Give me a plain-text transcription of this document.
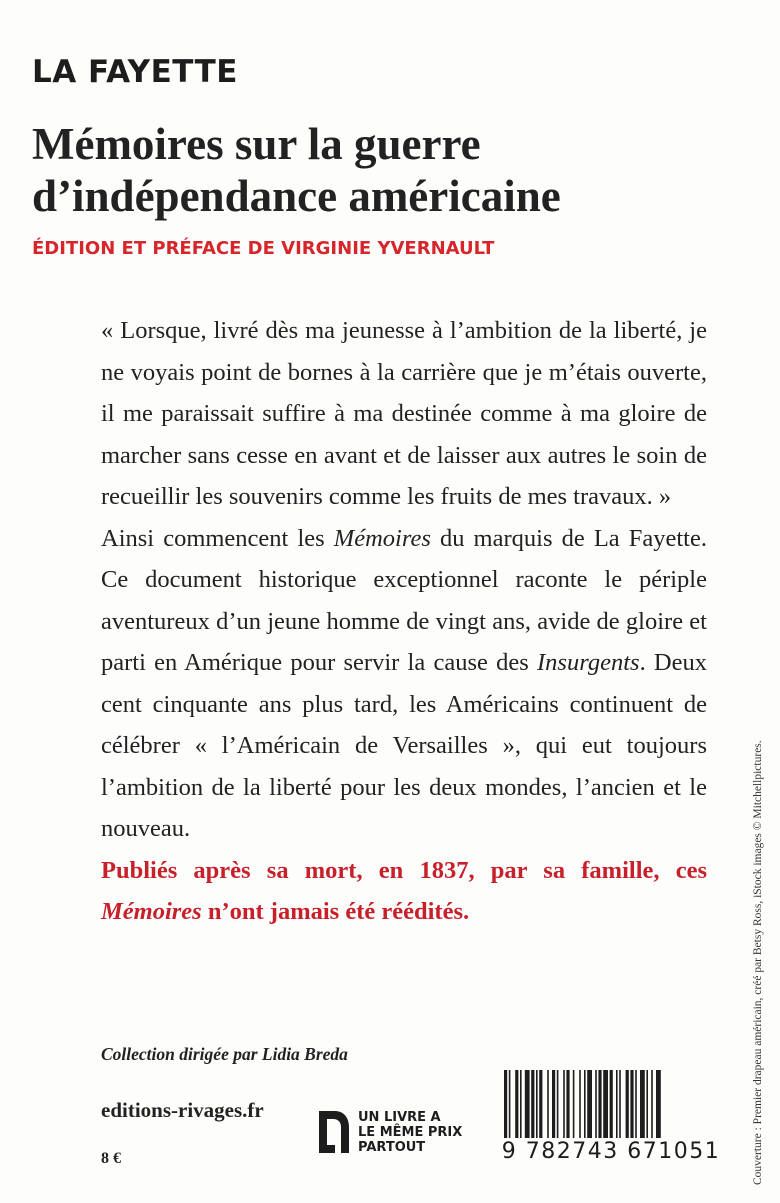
LA FAYETTE
Mémoires sur la guerre d’indépendance américaine
ÉDITION ET PRÉFACE DE VIRGINIE YVERNAULT

« Lorsque, livré dès ma jeunesse à l’ambition de la liberté, je ne voyais point de bornes à la carrière que je m’étais ouverte, il me paraissait suffire à ma destinée comme à ma gloire de marcher sans cesse en avant et de laisser aux autres le soin de recueillir les souvenirs comme les fruits de mes travaux. »

Ainsi commencent les Mémoires du marquis de La Fayette. Ce document historique exceptionnel raconte le périple aventureux d’un jeune homme de vingt ans, avide de gloire et parti en Amérique pour servir la cause des Insurgents. Deux cent cinquante ans plus tard, les Américains continuent de célébrer « l’Américain de Versailles », qui eut toujours l’ambition de la liberté pour les deux mondes, l’ancien et le nouveau.

Publiés après sa mort, en 1837, par sa famille, ces Mémoires n’ont jamais été réédités.

Collection dirigée par Lidia Breda
editions-rivages.fr
8 €
UN LIVRE A
LE MÊME PRIX
PARTOUT	9 782743 671051	Couverture : Premier drapeau américain, créé par Betsy Ross, iStock images © Mitchellpictures.
